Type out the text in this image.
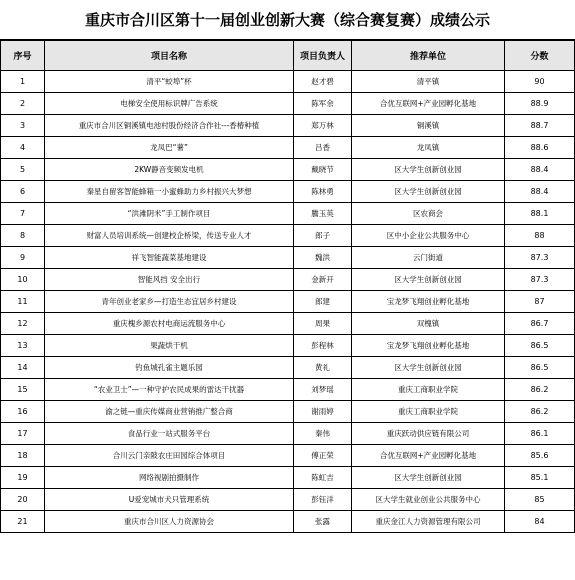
重庆市合川区第十一届创业创新大赛（综合赛复赛）成绩公示
序号	项目名称	项目负责人	推荐单位	分数
1	清平“蛟埠”杯	赵才碧	清平镇	90
2	电梯安全使用标识牌广告系统	陈军余	合优互联网+产业园孵化基地	88.9
3	重庆市合川区铜溪镇电池村股份经济合作社---香椿种植	郑万林	铜溪镇	88.7
4	龙凤巴“薯”	吕香	龙凤镇	88.6
5	2KW静音变频发电机	戴晓节	区大学生创新创业园	88.4
6	秦星自留客智能蜂箱一小蜜蜂助力乡村振兴大梦想	陈林勇	区大学生创新创业园	88.4
7	“洪滩阴米”手工制作项目	騰玉英	区农商会	88.1
8	财富人员培训系统—创建校企桥梁，传送专业人才	郎子	区中小企业公共服务中心	88
9	祥飞智能蔬菜基地建设	魏洪	云门街道	87.3
10	智能风挡 安全出行	金新开	区大学生创新创业园	87.3
11	青年创业老家乡—打造生态宜居乡村建设	郎建	宝龙梦飞翔创业孵化基地	87
12	重庆槐乡源农村电商运流服务中心	周果	双槐镇	86.7
13	果蔬烘干机	彭程林	宝龙梦飞翔创业孵化基地	86.5
14	钓鱼城孔雀主题乐园	黄礼	区大学生创新创业园	86.5
15	“农业卫士”—一种守护农民成果的雷达干扰器	刘梦瑶	重庆工商职业学院	86.2
16	渝之链—重庆传媒商业营销推广整合商	谢雨婷	重庆工商职业学院	86.2
17	食品行业一站式服务平台	秦伟	重庆跃动供应链有限公司	86.1
18	合川云门亲陂农庄田园综合体项目	傅正荣	合优互联网+产业园孵化基地	85.6
19	网络视剧拍摄制作	陈虹吉	区大学生创新创业园	85.1
20	U爱宠城市犬只管理系统	彭钰洋	区大学生就业创业公共服务中心	85
21	重庆市合川区人力资源协会	张露	重庆金江人力资源管理有限公司	84
